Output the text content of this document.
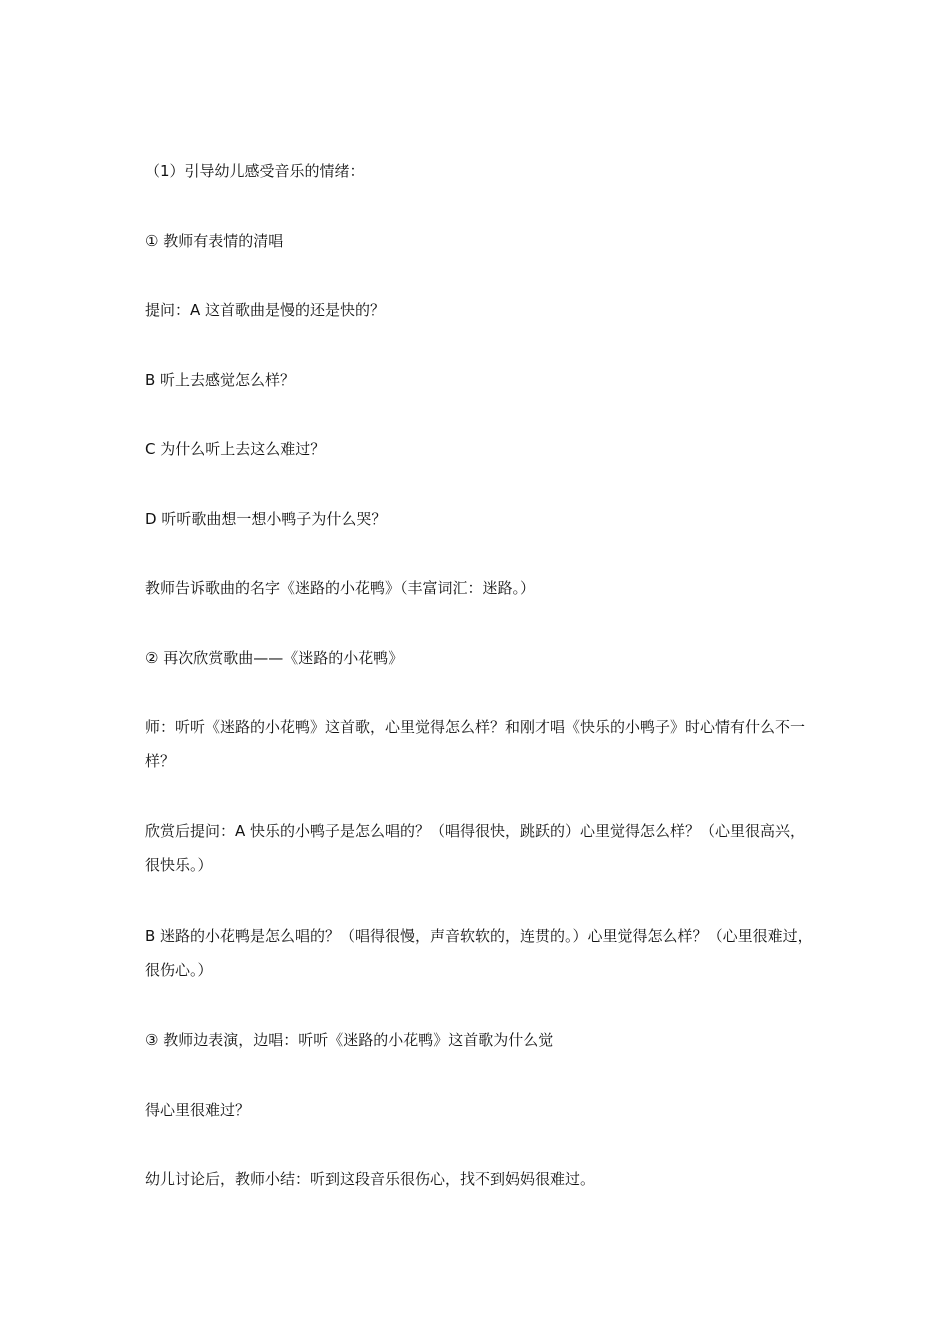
（1）引导幼儿感受音乐的情绪：

① 教师有表情的清唱

提问：A 这首歌曲是慢的还是快的？

B 听上去感觉怎么样？

C 为什么听上去这么难过？

D 听听歌曲想一想小鸭子为什么哭？

教师告诉歌曲的名字《迷路的小花鸭》（丰富词汇：迷路。）

② 再次欣赏歌曲——《迷路的小花鸭》

师：听听《迷路的小花鸭》这首歌，心里觉得怎么样？和刚才唱《快乐的小鸭子》时心情有什么不一样？

欣赏后提问：A 快乐的小鸭子是怎么唱的？（唱得很快，跳跃的）心里觉得怎么样？（心里很高兴，很快乐。）

B 迷路的小花鸭是怎么唱的？（唱得很慢，声音软软的，连贯的。）心里觉得怎么样？（心里很难过，很伤心。）

③ 教师边表演，边唱：听听《迷路的小花鸭》这首歌为什么觉

得心里很难过？

幼儿讨论后，教师小结：听到这段音乐很伤心，找不到妈妈很难过。
